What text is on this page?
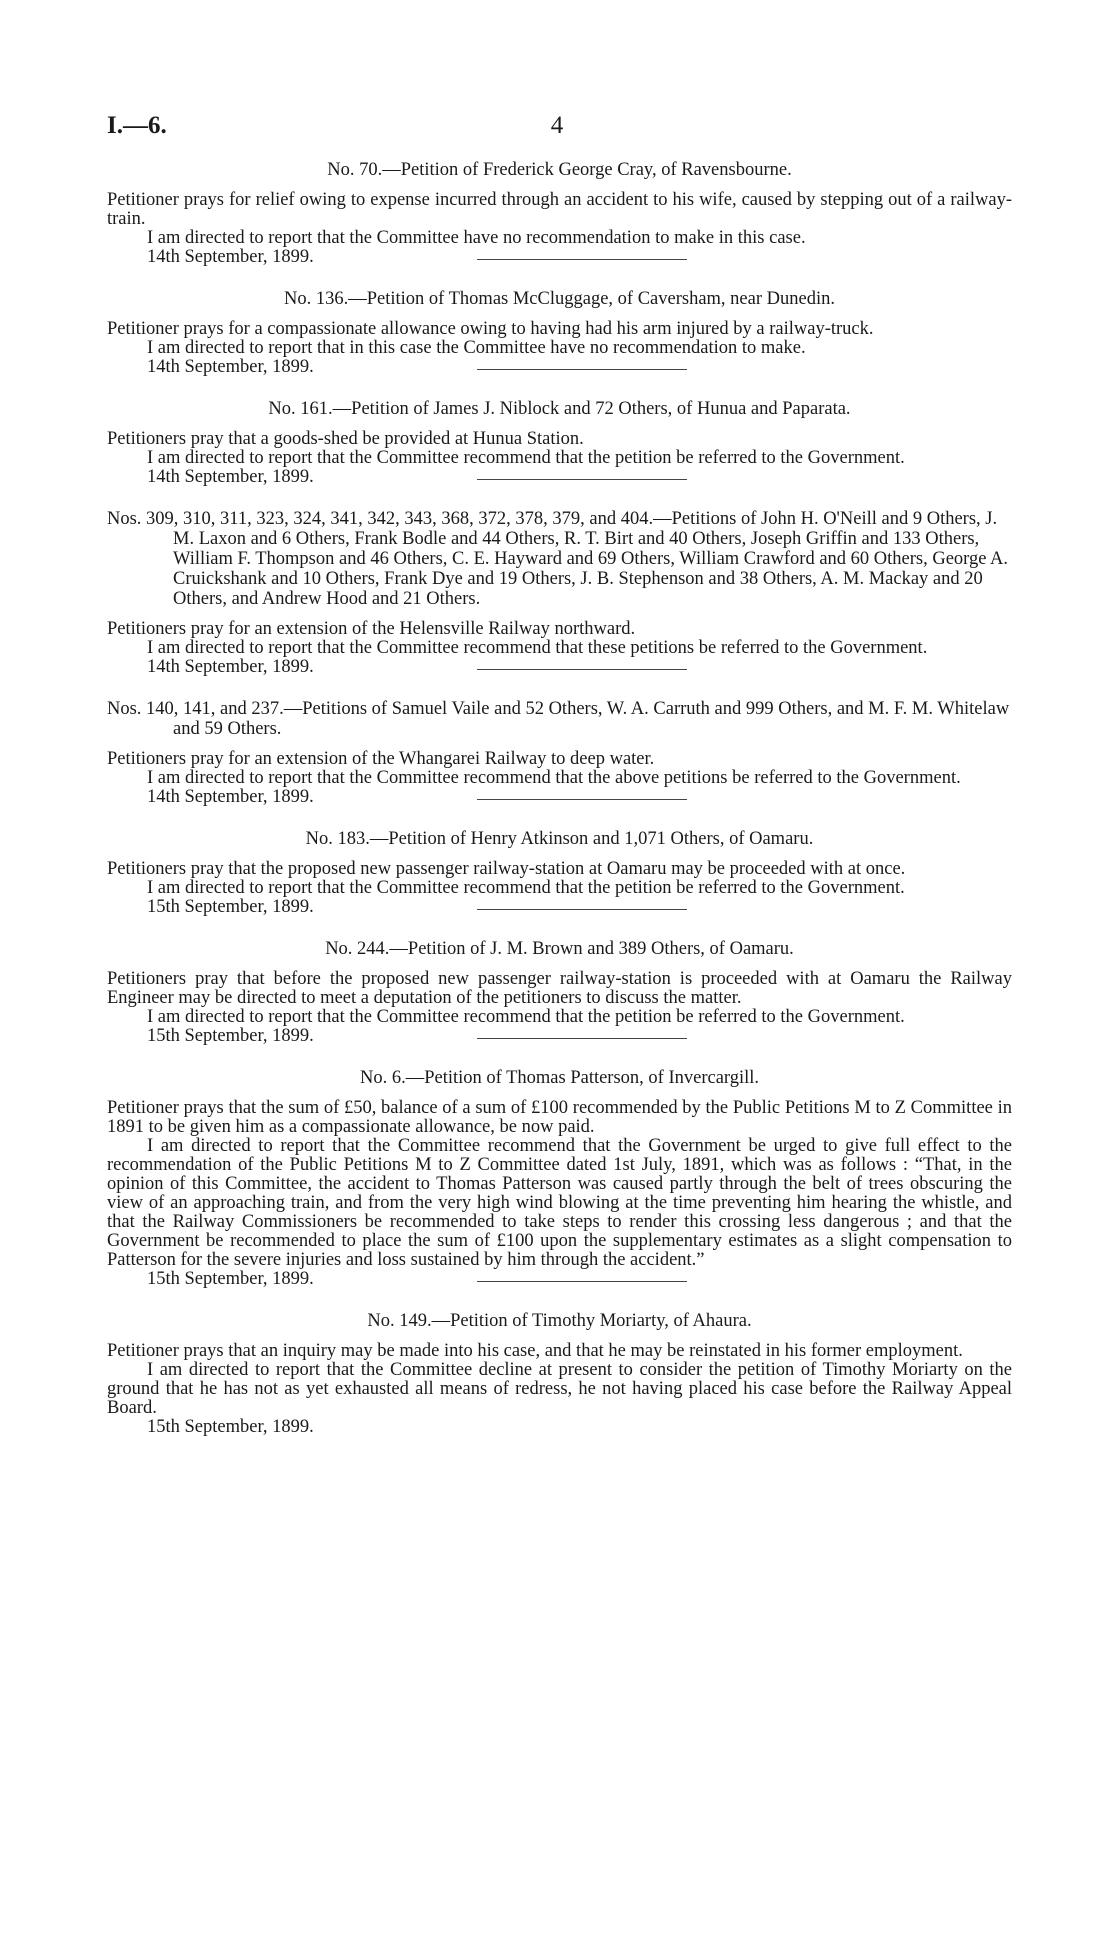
I.—6.	4

No. 70.—Petition of Frederick George Cray, of Ravensbourne.

Petitioner prays for relief owing to expense incurred through an accident to his wife, caused by stepping out of a railway-train.

I am directed to report that the Committee have no recommendation to make in this case.

14th September, 1899.

No. 136.—Petition of Thomas McCluggage, of Caversham, near Dunedin.

Petitioner prays for a compassionate allowance owing to having had his arm injured by a railway-truck.

I am directed to report that in this case the Committee have no recommendation to make.

14th September, 1899.

No. 161.—Petition of James J. Niblock and 72 Others, of Hunua and Paparata.

Petitioners pray that a goods-shed be provided at Hunua Station.

I am directed to report that the Committee recommend that the petition be referred to the Government.

14th September, 1899.

Nos. 309, 310, 311, 323, 324, 341, 342, 343, 368, 372, 378, 379, and 404.—Petitions of John H. O'Neill and 9 Others, J. M. Laxon and 6 Others, Frank Bodle and 44 Others, R. T. Birt and 40 Others, Joseph Griffin and 133 Others, William F. Thompson and 46 Others, C. E. Hayward and 69 Others, William Crawford and 60 Others, George A. Cruickshank and 10 Others, Frank Dye and 19 Others, J. B. Stephenson and 38 Others, A. M. Mackay and 20 Others, and Andrew Hood and 21 Others.

Petitioners pray for an extension of the Helensville Railway northward.

I am directed to report that the Committee recommend that these petitions be referred to the Government.

14th September, 1899.

Nos. 140, 141, and 237.—Petitions of Samuel Vaile and 52 Others, W. A. Carruth and 999 Others, and M. F. M. Whitelaw and 59 Others.

Petitioners pray for an extension of the Whangarei Railway to deep water.

I am directed to report that the Committee recommend that the above petitions be referred to the Government.

14th September, 1899.

No. 183.—Petition of Henry Atkinson and 1,071 Others, of Oamaru.

Petitioners pray that the proposed new passenger railway-station at Oamaru may be proceeded with at once.

I am directed to report that the Committee recommend that the petition be referred to the Government.

15th September, 1899.

No. 244.—Petition of J. M. Brown and 389 Others, of Oamaru.

Petitioners pray that before the proposed new passenger railway-station is proceeded with at Oamaru the Railway Engineer may be directed to meet a deputation of the petitioners to discuss the matter.

I am directed to report that the Committee recommend that the petition be referred to the Government.

15th September, 1899.

No. 6.—Petition of Thomas Patterson, of Invercargill.

Petitioner prays that the sum of £50, balance of a sum of £100 recommended by the Public Petitions M to Z Committee in 1891 to be given him as a compassionate allowance, be now paid.

I am directed to report that the Committee recommend that the Government be urged to give full effect to the recommendation of the Public Petitions M to Z Committee dated 1st July, 1891, which was as follows : “That, in the opinion of this Committee, the accident to Thomas Patterson was caused partly through the belt of trees obscuring the view of an approaching train, and from the very high wind blowing at the time preventing him hearing the whistle, and that the Railway Commissioners be recommended to take steps to render this crossing less dangerous ; and that the Government be recommended to place the sum of £100 upon the supplementary estimates as a slight compensation to Patterson for the severe injuries and loss sustained by him through the accident.”

15th September, 1899.

No. 149.—Petition of Timothy Moriarty, of Ahaura.

Petitioner prays that an inquiry may be made into his case, and that he may be reinstated in his former employment.

I am directed to report that the Committee decline at present to consider the petition of Timothy Moriarty on the ground that he has not as yet exhausted all means of redress, he not having placed his case before the Railway Appeal Board.

15th September, 1899.
